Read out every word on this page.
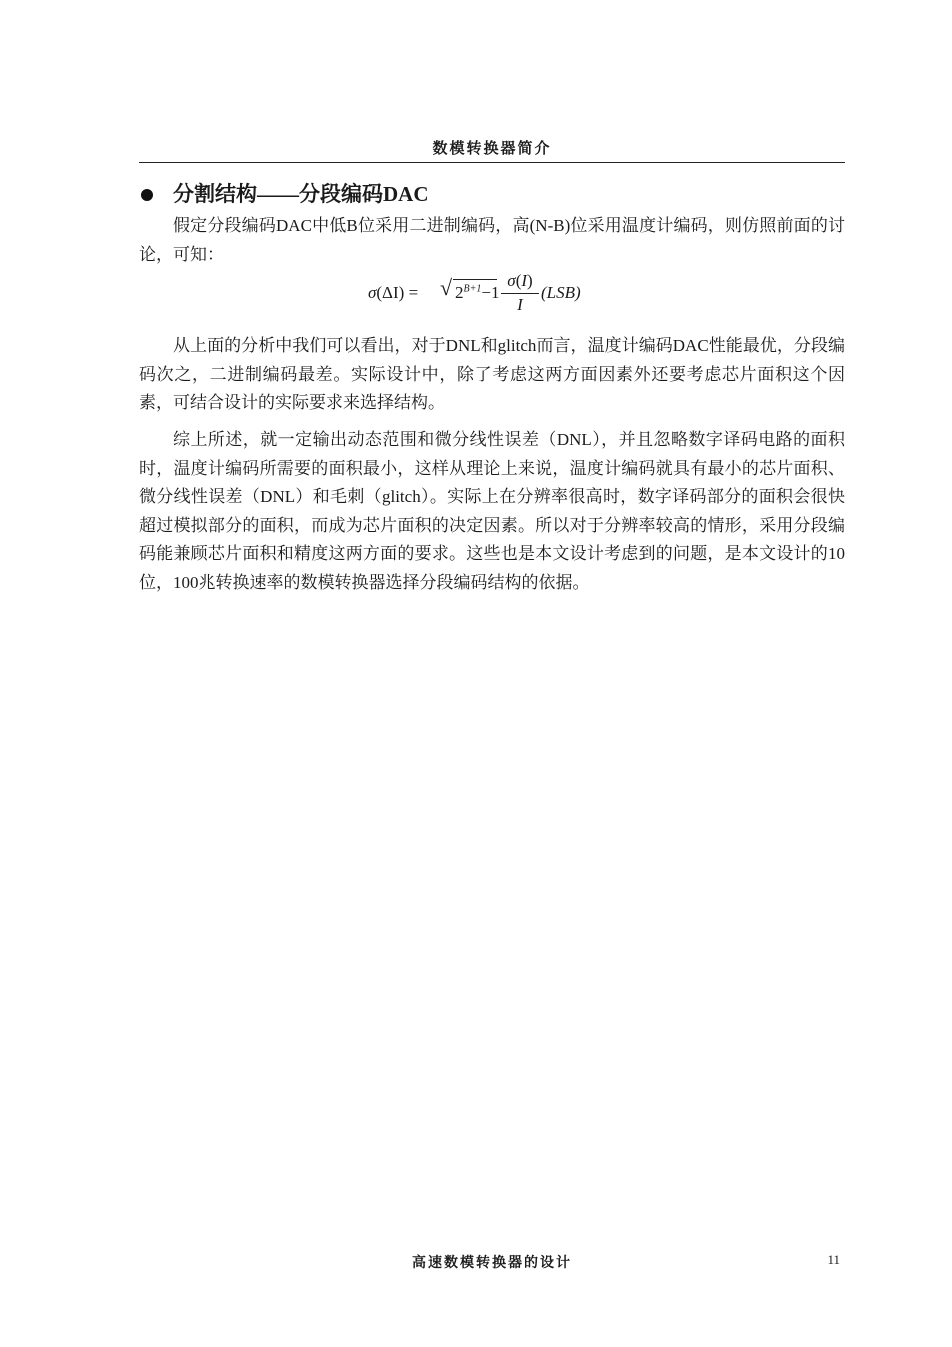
数模转换器简介
分割结构——分段编码DAC

假定分段编码DAC中低B位采用二进制编码，高(N-B)位采用温度计编码，则仿照前面的讨论，可知：

σ(ΔI) = √ $2^{B+1}-1$
σ(I)
I
(LSB)

从上面的分析中我们可以看出，对于DNL和glitch而言，温度计编码DAC性能最优，分段编码次之，二进制编码最差。实际设计中，除了考虑这两方面因素外还要考虑芯片面积这个因素，可结合设计的实际要求来选择结构。

综上所述，就一定输出动态范围和微分线性误差（DNL），并且忽略数字译码电路的面积时，温度计编码所需要的面积最小，这样从理论上来说，温度计编码就具有最小的芯片面积、微分线性误差（DNL）和毛刺（glitch）。实际上在分辨率很高时，数字译码部分的面积会很快超过模拟部分的面积，而成为芯片面积的决定因素。所以对于分辨率较高的情形，采用分段编码能兼顾芯片面积和精度这两方面的要求。这些也是本文设计考虑到的问题，是本文设计的10位，100兆转换速率的数模转换器选择分段编码结构的依据。

高速数模转换器的设计	11
